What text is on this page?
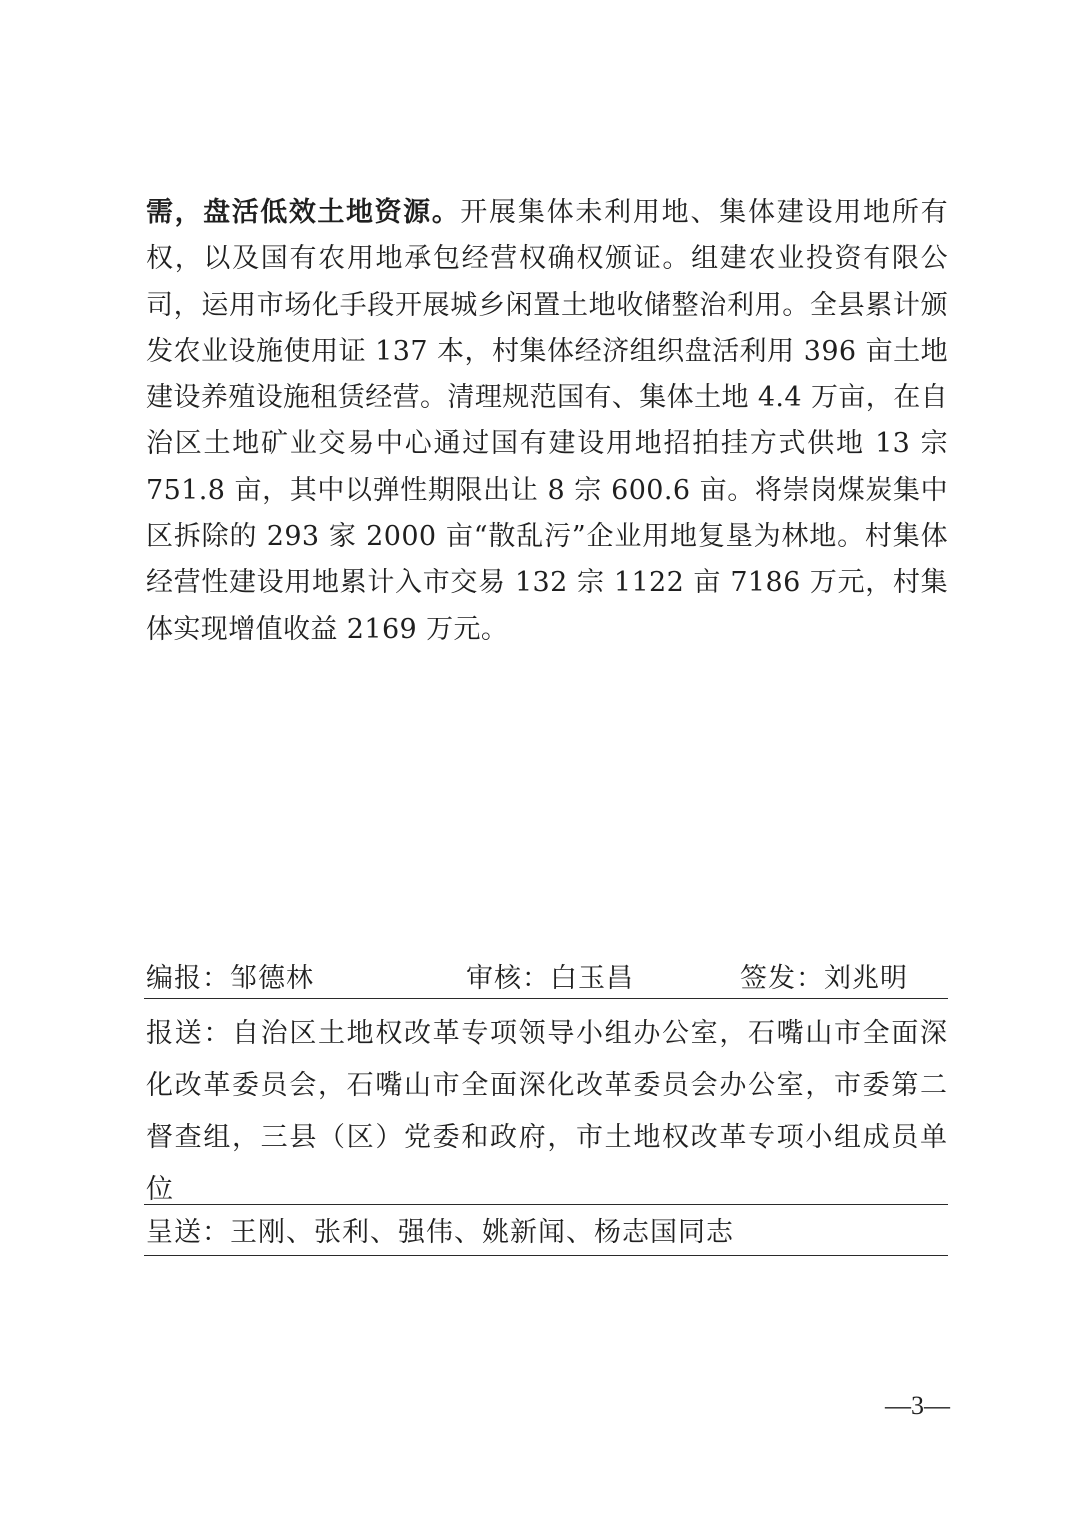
需，盘活低效土地资源。开展集体未利用地、集体建设用地所有权，以及国有农用地承包经营权确权颁证。组建农业投资有限公司，运用市场化手段开展城乡闲置土地收储整治利用。全县累计颁发农业设施使用证 137 本，村集体经济组织盘活利用 396 亩土地建设养殖设施租赁经营。清理规范国有、集体土地 4.4 万亩，在自治区土地矿业交易中心通过国有建设用地招拍挂方式供地 13 宗 751.8 亩，其中以弹性期限出让 8 宗 600.6 亩。将崇岗煤炭集中区拆除的 293 家 2000 亩“散乱污”企业用地复垦为林地。村集体经营性建设用地累计入市交易 132 宗 1122 亩 7186 万元，村集体实现增值收益 2169 万元。

编报：邹德林	审核：白玉昌	签发：刘兆明

报送：自治区土地权改革专项领导小组办公室，石嘴山市全面深化改革委员会，石嘴山市全面深化改革委员会办公室，市委第二督查组，三县（区）党委和政府，市土地权改革专项小组成员单位

呈送：王刚、张利、强伟、姚新闻、杨志国同志

—3—
